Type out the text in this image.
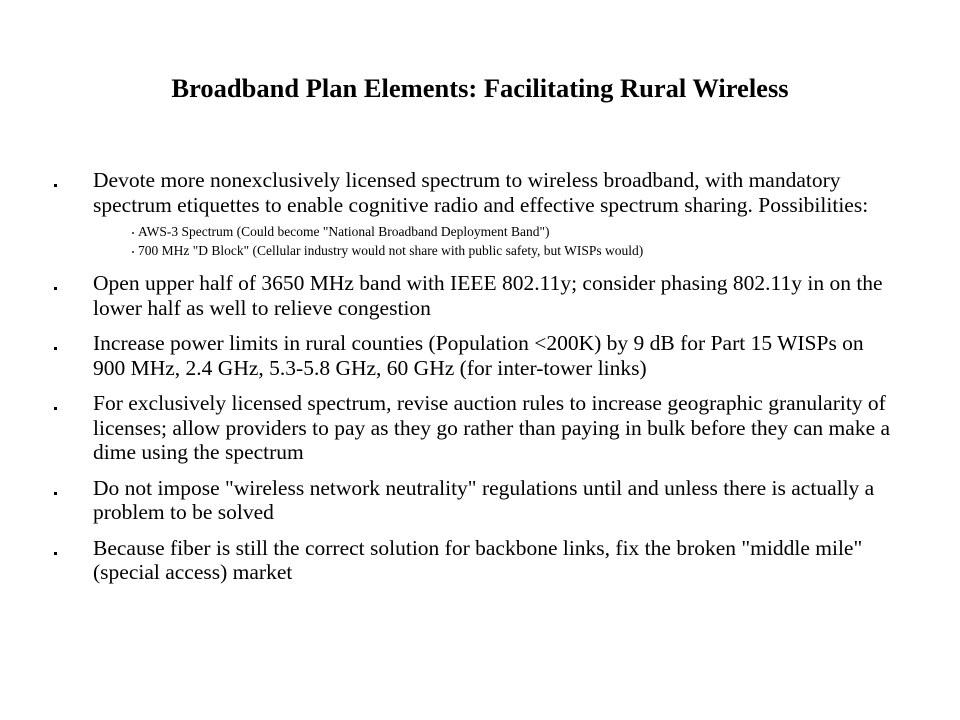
Broadband Plan Elements: Facilitating Rural Wireless
Devote more nonexclusively licensed spectrum to wireless broadband, with mandatory spectrum etiquettes to enable cognitive radio and effective spectrum sharing. Possibilities:
AWS-3 Spectrum (Could become "National Broadband Deployment Band")
700 MHz "D Block" (Cellular industry would not share with public safety, but WISPs would)
Open upper half of 3650 MHz band with IEEE 802.11y; consider phasing 802.11y in on the lower half as well to relieve congestion
Increase power limits in rural counties (Population <200K) by 9 dB for Part 15 WISPs on 900 MHz, 2.4 GHz, 5.3-5.8 GHz, 60 GHz (for inter-tower links)
For exclusively licensed spectrum, revise auction rules to increase geographic granularity of licenses; allow providers to pay as they go rather than paying in bulk before they can make a dime using the spectrum
Do not impose "wireless network neutrality" regulations until and unless there is actually a problem to be solved
Because fiber is still the correct solution for backbone links, fix the broken "middle mile" (special access) market
